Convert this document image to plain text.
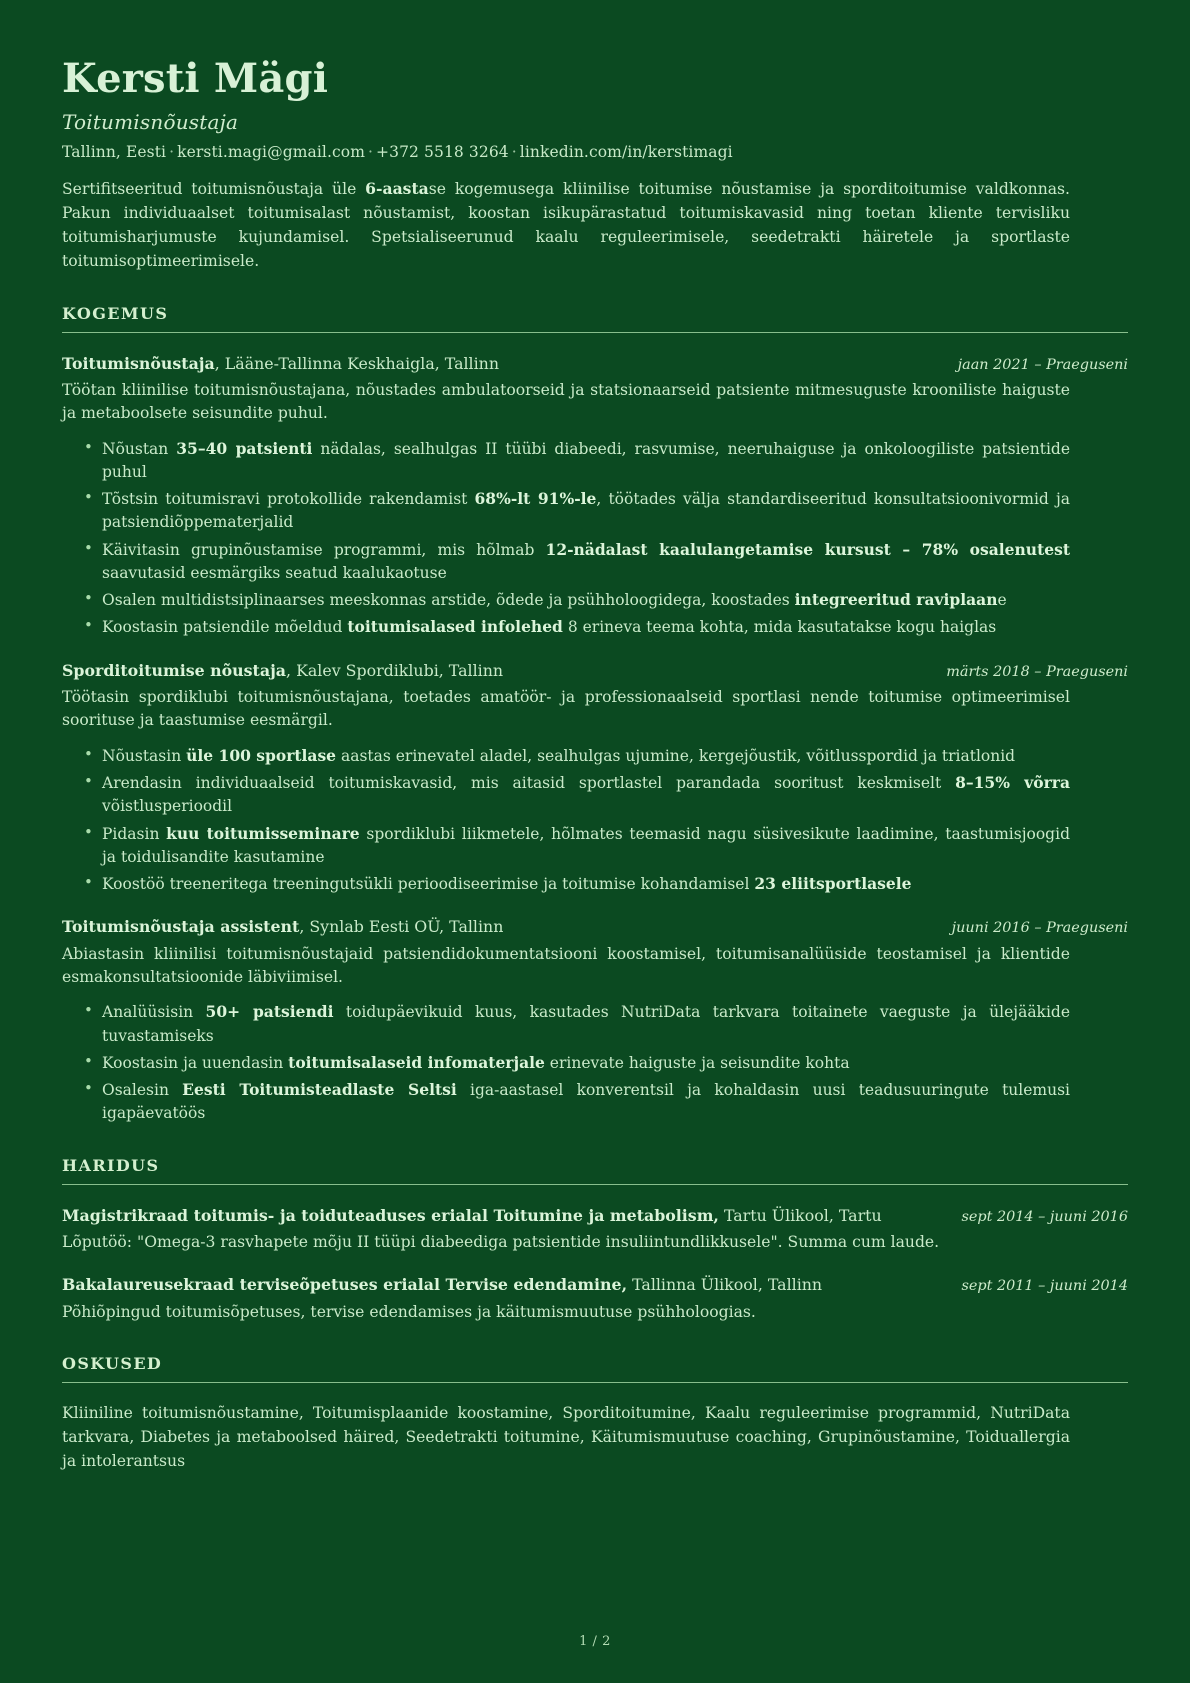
Kersti Mägi
Toitumisnõustaja
Tallinn, Eesti · kersti.magi@gmail.com · +372 5518 3264 · linkedin.com/in/kerstimagi

Sertifitseeritud toitumisnõustaja üle 6-aastase kogemusega kliinilise toitumise nõustamise ja sporditoitumise valdkonnas. Pakun individuaalset toitumisalast nõustamist, koostan isikupärastatud toitumiskavasid ning toetan kliente tervisliku toitumisharjumuste kujundamisel. Spetsialiseerunud kaalu reguleerimisele, seedetrakti häiretele ja sportlaste toitumisoptimeerimisele.

KOGEMUS
Toitumisnõustaja, Lääne-Tallinna Keskhaigla, Tallinn	jaan 2021 – Praeguseni
Töötan kliinilise toitumisnõustajana, nõustades ambulatoorseid ja statsionaarseid patsiente mitmesuguste krooniliste haiguste ja metaboolsete seisundite puhul.
• Nõustan 35–40 patsienti nädalas, sealhulgas II tüübi diabeedi, rasvumise, neeruhaiguse ja onkoloogiliste patsientide puhul
• Tõstsin toitumisravi protokollide rakendamist 68%-lt 91%-le, töötades välja standardiseeritud konsultatsioonivormid ja patsiendiõppematerjalid
• Käivitasin grupinõustamise programmi, mis hõlmab 12-nädalast kaalulangetamise kursust – 78% osalenutest saavutasid eesmärgiks seatud kaalukaotuse
• Osalen multidistsiplinaarses meeskonnas arstide, õdede ja psühholoogidega, koostades integreeritud raviplaane
• Koostasin patsiendile mõeldud toitumisalased infolehed 8 erineva teema kohta, mida kasutatakse kogu haiglas
Sporditoitumise nõustaja, Kalev Spordiklubi, Tallinn	märts 2018 – Praeguseni
Töötasin spordiklubi toitumisnõustajana, toetades amatöör- ja professionaalseid sportlasi nende toitumise optimeerimisel soorituse ja taastumise eesmärgil.
• Nõustasin üle 100 sportlase aastas erinevatel aladel, sealhulgas ujumine, kergejõustik, võitlusspordid ja triatlonid
• Arendasin individuaalseid toitumiskavasid, mis aitasid sportlastel parandada sooritust keskmiselt 8–15% võrra võistlusperioodil
• Pidasin kuu toitumisseminare spordiklubi liikmetele, hõlmates teemasid nagu süsivesikute laadimine, taastumisjoogid ja toidulisandite kasutamine
• Koostöö treeneritega treeningutsükli perioodiseerimise ja toitumise kohandamisel 23 eliitsportlasele
Toitumisnõustaja assistent, Synlab Eesti OÜ, Tallinn	juuni 2016 – Praeguseni
Abiastasin kliinilisi toitumisnõustajaid patsiendidokumentatsiooni koostamisel, toitumisanalüüside teostamisel ja klientide esmakonsultatsioonide läbiviimisel.
• Analüüsisin 50+ patsiendi toidupäevikuid kuus, kasutades NutriData tarkvara toitainete vaeguste ja ülejääkide tuvastamiseks
• Koostasin ja uuendasin toitumisalaseid infomaterjale erinevate haiguste ja seisundite kohta
• Osalesin Eesti Toitumisteadlaste Seltsi iga-aastasel konverentsil ja kohaldasin uusi teadusuuringute tulemusi igapäevatöös
HARIDUS
Magistrikraad toitumis- ja toiduteaduses erialal Toitumine ja metabolism, Tartu Ülikool, Tartu	sept 2014 – juuni 2016
Lõputöö: "Omega-3 rasvhapete mõju II tüüpi diabeediga patsientide insuliintundlikkusele". Summa cum laude.
Bakalaureusekraad terviseõpetuses erialal Tervise edendamine, Tallinna Ülikool, Tallinn	sept 2011 – juuni 2014
Põhiõpingud toitumisõpetuses, tervise edendamises ja käitumismuutuse psühholoogias.
OSKUSED

Kliiniline toitumisnõustamine, Toitumisplaanide koostamine, Sporditoitumine, Kaalu reguleerimise programmid, NutriData tarkvara, Diabetes ja metaboolsed häired, Seedetrakti toitumine, Käitumismuutuse coaching, Grupinõustamine, Toiduallergia ja intolerantsus

1 / 2
